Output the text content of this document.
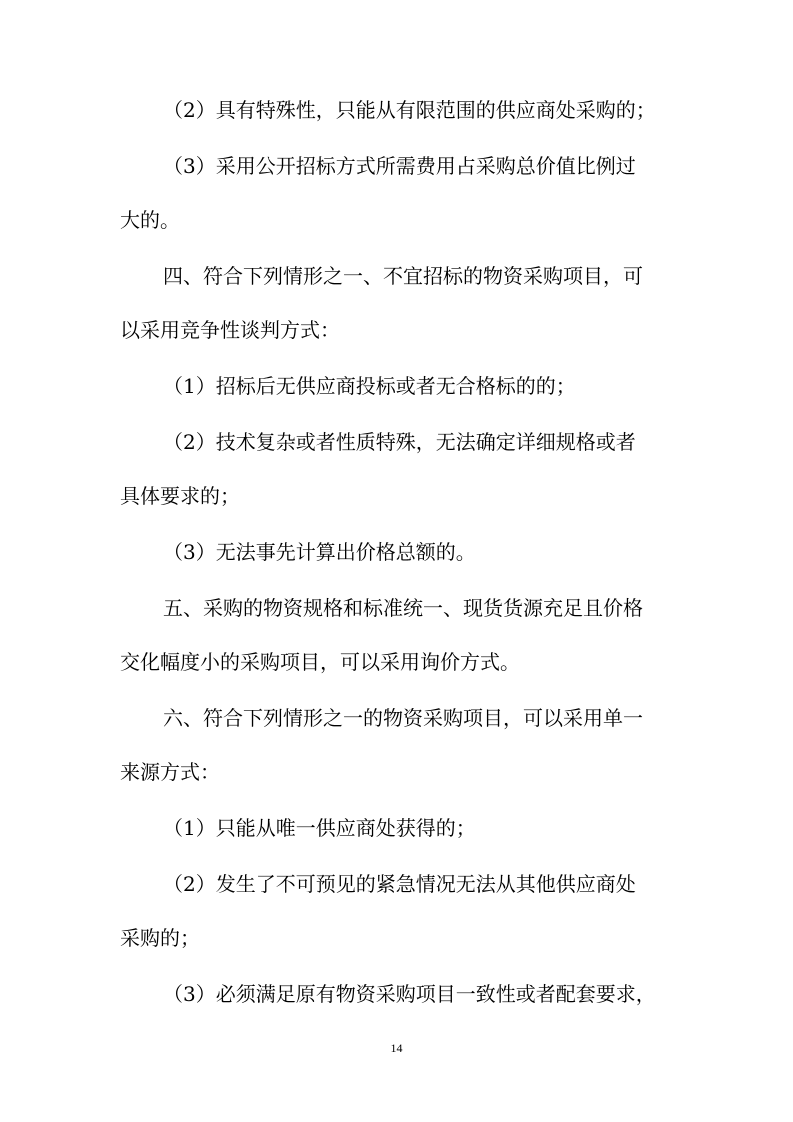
（2）具有特殊性，只能从有限范围的供应商处采购的；
（3）采用公开招标方式所需费用占采购总价值比例过
大的。
四、符合下列情形之一、不宜招标的物资采购项目，可
以采用竞争性谈判方式：
（1）招标后无供应商投标或者无合格标的的；
（2）技术复杂或者性质特殊，无法确定详细规格或者
具体要求的；
（3）无法事先计算出价格总额的。
五、采购的物资规格和标准统一、现货货源充足且价格
交化幅度小的采购项目，可以采用询价方式。
六、符合下列情形之一的物资采购项目，可以采用单一
来源方式：
（1）只能从唯一供应商处获得的；
（2）发生了不可预见的紧急情况无法从其他供应商处
采购的；
（3）必须满足原有物资采购项目一致性或者配套要求，
14
